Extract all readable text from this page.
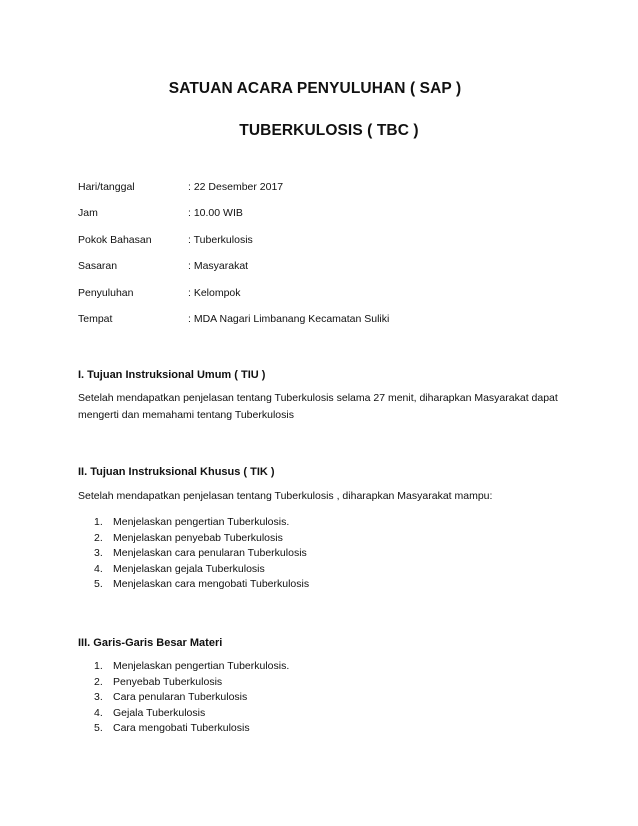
SATUAN ACARA PENYULUHAN ( SAP )
TUBERKULOSIS ( TBC )
Hari/tanggal	: 22 Desember 2017
Jam	: 10.00 WIB
Pokok Bahasan	: Tuberkulosis
Sasaran	: Masyarakat
Penyuluhan	: Kelompok
Tempat	: MDA Nagari Limbanang Kecamatan Suliki

I. Tujuan Instruksional Umum ( TIU )

Setelah mendapatkan penjelasan tentang Tuberkulosis selama 27 menit, diharapkan Masyarakat dapat mengerti dan memahami tentang Tuberkulosis

II. Tujuan Instruksional Khusus ( TIK )

Setelah mendapatkan penjelasan tentang Tuberkulosis , diharapkan Masyarakat mampu:

1. Menjelaskan pengertian Tuberkulosis.
2. Menjelaskan penyebab Tuberkulosis
3. Menjelaskan cara penularan Tuberkulosis
4. Menjelaskan gejala Tuberkulosis
5. Menjelaskan cara mengobati Tuberkulosis

III. Garis-Garis Besar Materi

1. Menjelaskan pengertian Tuberkulosis.
2. Penyebab Tuberkulosis
3. Cara penularan Tuberkulosis
4. Gejala Tuberkulosis
5. Cara mengobati Tuberkulosis
